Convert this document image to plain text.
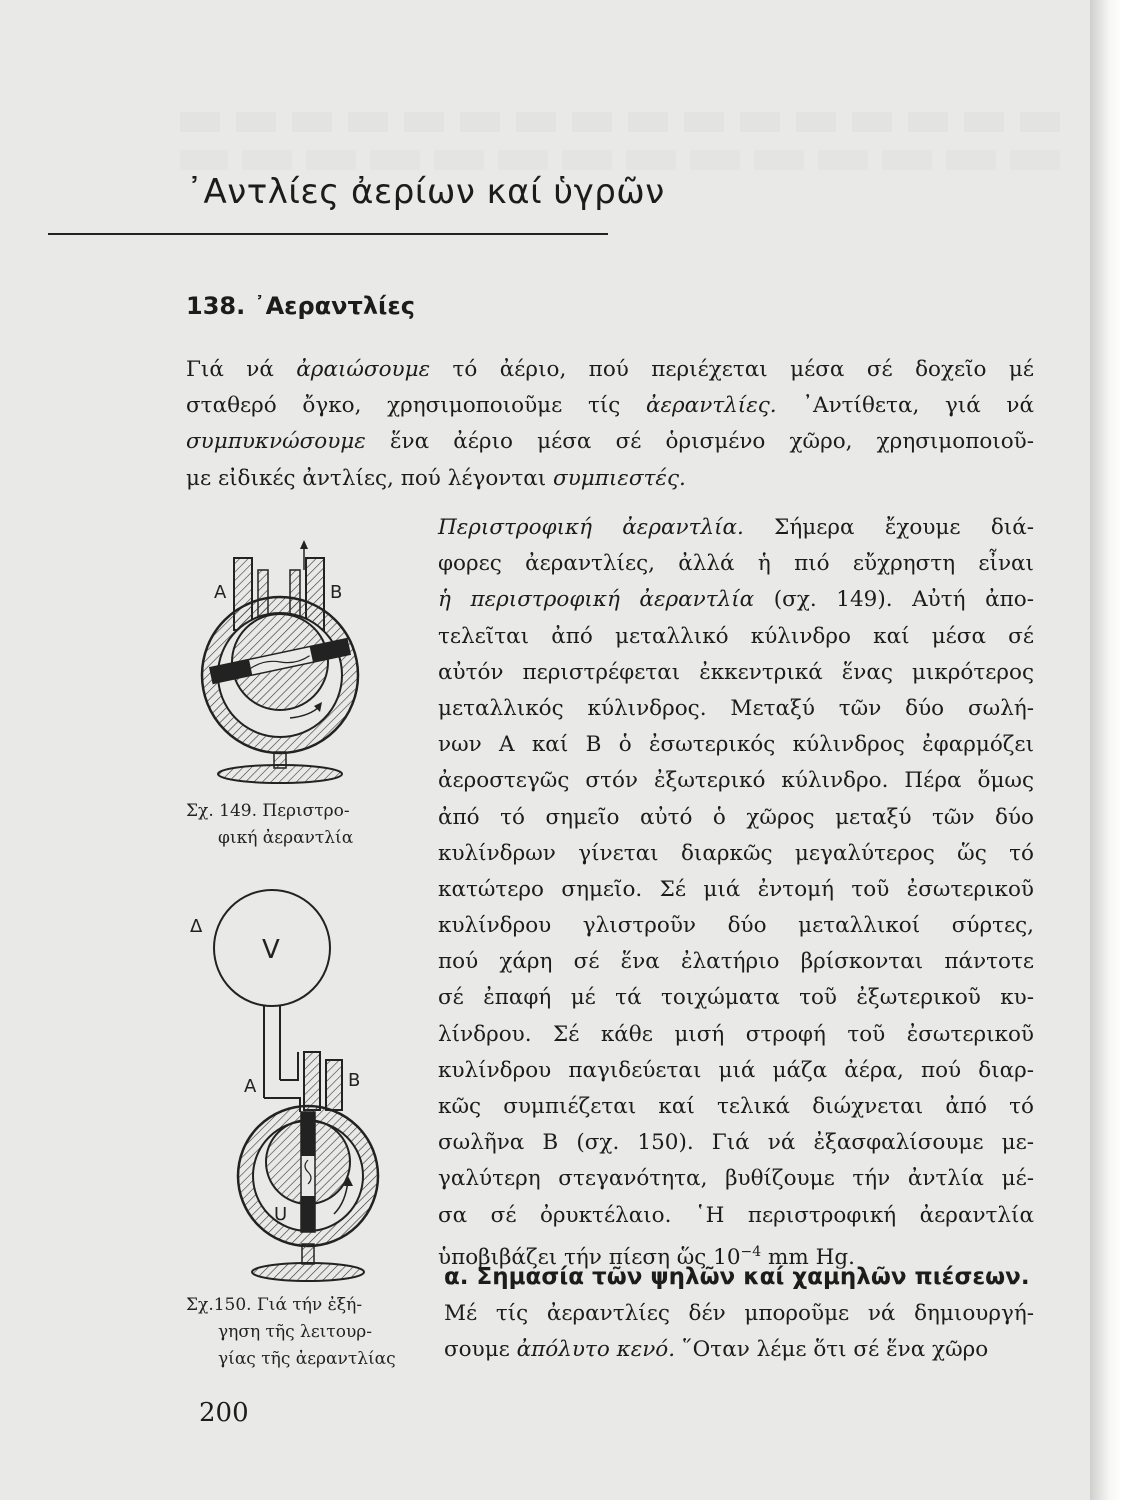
᾿Αντλίες ἀερίων καί ὑγρῶν
138. ᾿Αεραντλίες
Γιά νά ἀραιώσουμε τό ἀέριο, πού περιέχεται μέσα σέ δοχεῖο μέ
σταθερό ὄγκο, χρησιμοποιοῦμε τίς ἀεραντλίες. ᾿Αντίθετα, γιά νά
συμπυκνώσουμε ἕνα ἀέριο μέσα σέ ὁρισμένο χῶρο, χρησιμοποιοῦ-
με εἰδικές ἀντλίες, πού λέγονται συμπιεστές.
Περιστροφική ἀεραντλία. Σήμερα ἔχουμε διά-
φορες ἀεραντλίες, ἀλλά ἡ πιό εὔχρηστη εἶναι
ἡ περιστροφική ἀεραντλία (σχ. 149). Αὐτή ἀπο-
τελεῖται ἀπό μεταλλικό κύλινδρο καί μέσα σέ
αὐτόν περιστρέφεται ἐκκεντρικά ἕνας μικρότερος
μεταλλικός κύλινδρος. Μεταξύ τῶν δύο σωλή-
νων Α καί Β ὁ ἐσωτερικός κύλινδρος ἐφαρμόζει
ἀεροστεγῶς στόν ἐξωτερικό κύλινδρο. Πέρα ὅμως
ἀπό τό σημεῖο αὐτό ὁ χῶρος μεταξύ τῶν δύο
κυλίνδρων γίνεται διαρκῶς μεγαλύτερος ὥς τό
κατώτερο σημεῖο. Σέ μιά ἐντομή τοῦ ἐσωτερικοῦ
κυλίνδρου γλιστροῦν δύο μεταλλικοί σύρτες,
πού χάρη σέ ἕνα ἐλατήριο βρίσκονται πάντοτε
σέ ἐπαφή μέ τά τοιχώματα τοῦ ἐξωτερικοῦ κυ-
λίνδρου. Σέ κάθε μισή στροφή τοῦ ἐσωτερικοῦ
κυλίνδρου παγιδεύεται μιά μάζα ἀέρα, πού διαρ-
κῶς συμπιέζεται καί τελικά διώχνεται ἀπό τό
σωλῆνα Β (σχ. 150). Γιά νά ἐξασφαλίσουμε με-
γαλύτερη στεγανότητα, βυθίζουμε τήν ἀντλία μέ-
σα σέ ὀρυκτέλαιο. ῾Η περιστροφική ἀεραντλία
ὑποβιβάζει τήν πίεση ὥς $10^{-4}$ mm Hg.
α. Σημασία τῶν ψηλῶν καί χαμηλῶν πιέσεων.
Μέ τίς ἀεραντλίες δέν μποροῦμε νά δημιουργή-
σουμε ἀπόλυτο κενό. ῞Οταν λέμε ὅτι σέ ἕνα χῶρο
Α	Β
Σχ. 149. Περιστρο-
φική ἀεραντλία
Δ
V
Α	Β
U
Σχ.150. Γιά τήν ἐξή-
γηση τῆς λειτουρ-
γίας τῆς ἀεραντλίας
200
